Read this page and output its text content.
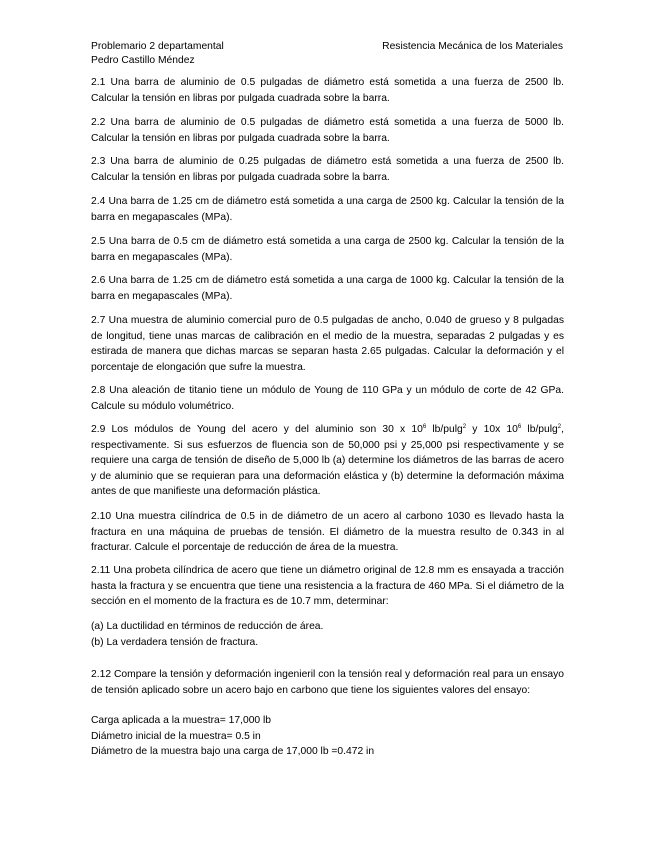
Problemario 2 departamental	Resistencia Mecánica de los Materiales
Pedro Castillo Méndez
2.1 Una barra de aluminio de 0.5 pulgadas de diámetro está sometida a una fuerza de 2500 lb. Calcular la tensión en libras por pulgada cuadrada sobre la barra.
2.2 Una barra de aluminio de 0.5 pulgadas de diámetro está sometida a una fuerza de 5000 lb. Calcular la tensión en libras por pulgada cuadrada sobre la barra.
2.3 Una barra de aluminio de 0.25 pulgadas de diámetro está sometida a una fuerza de 2500 lb. Calcular la tensión en libras por pulgada cuadrada sobre la barra.
2.4 Una barra de 1.25 cm de diámetro está sometida a una carga de 2500 kg. Calcular la tensión de la barra en megapascales (MPa).
2.5 Una barra de 0.5 cm de diámetro está sometida a una carga de 2500 kg. Calcular la tensión de la barra en megapascales (MPa).
2.6 Una barra de 1.25 cm de diámetro está sometida a una carga de 1000 kg. Calcular la tensión de la barra en megapascales (MPa).
2.7 Una muestra de aluminio comercial puro de 0.5 pulgadas de ancho, 0.040 de grueso y 8 pulgadas de longitud, tiene unas marcas de calibración en el medio de la muestra, separadas 2 pulgadas y es estirada de manera que dichas marcas se separan hasta 2.65 pulgadas. Calcular la deformación y el porcentaje de elongación que sufre la muestra.
2.8 Una aleación de titanio tiene un módulo de Young de 110 GPa y un módulo de corte de 42 GPa. Calcule su módulo volumétrico.
2.9 Los módulos de Young del acero y del aluminio son 30 x $10^6$ lb/pulg$^2$ y 10x $10^6$ lb/pulg$^2$, respectivamente. Si sus esfuerzos de fluencia son de 50,000 psi y 25,000 psi respectivamente y se requiere una carga de tensión de diseño de 5,000 lb (a) determine los diámetros de las barras de acero y de aluminio que se requieran para una deformación elástica y (b) determine la deformación máxima antes de que manifieste una deformación plástica.
2.10 Una muestra cilíndrica de 0.5 in de diámetro de un acero al carbono 1030 es llevado hasta la fractura en una máquina de pruebas de tensión. El diámetro de la muestra resulto de 0.343 in al fracturar. Calcule el porcentaje de reducción de área de la muestra.
2.11 Una probeta cilíndrica de acero que tiene un diámetro original de 12.8 mm es ensayada a tracción hasta la fractura y se encuentra que tiene una resistencia a la fractura de 460 MPa. Si el diámetro de la sección en el momento de la fractura es de 10.7 mm, determinar:
(a) La ductilidad en términos de reducción de área.
(b) La verdadera tensión de fractura.
2.12 Compare la tensión y deformación ingenieril con la tensión real y deformación real para un ensayo de tensión aplicado sobre un acero bajo en carbono que tiene los siguientes valores del ensayo:
Carga aplicada a la muestra= 17,000 lb
Diámetro inicial de la muestra= 0.5 in
Diámetro de la muestra bajo una carga de 17,000 lb =0.472 in
